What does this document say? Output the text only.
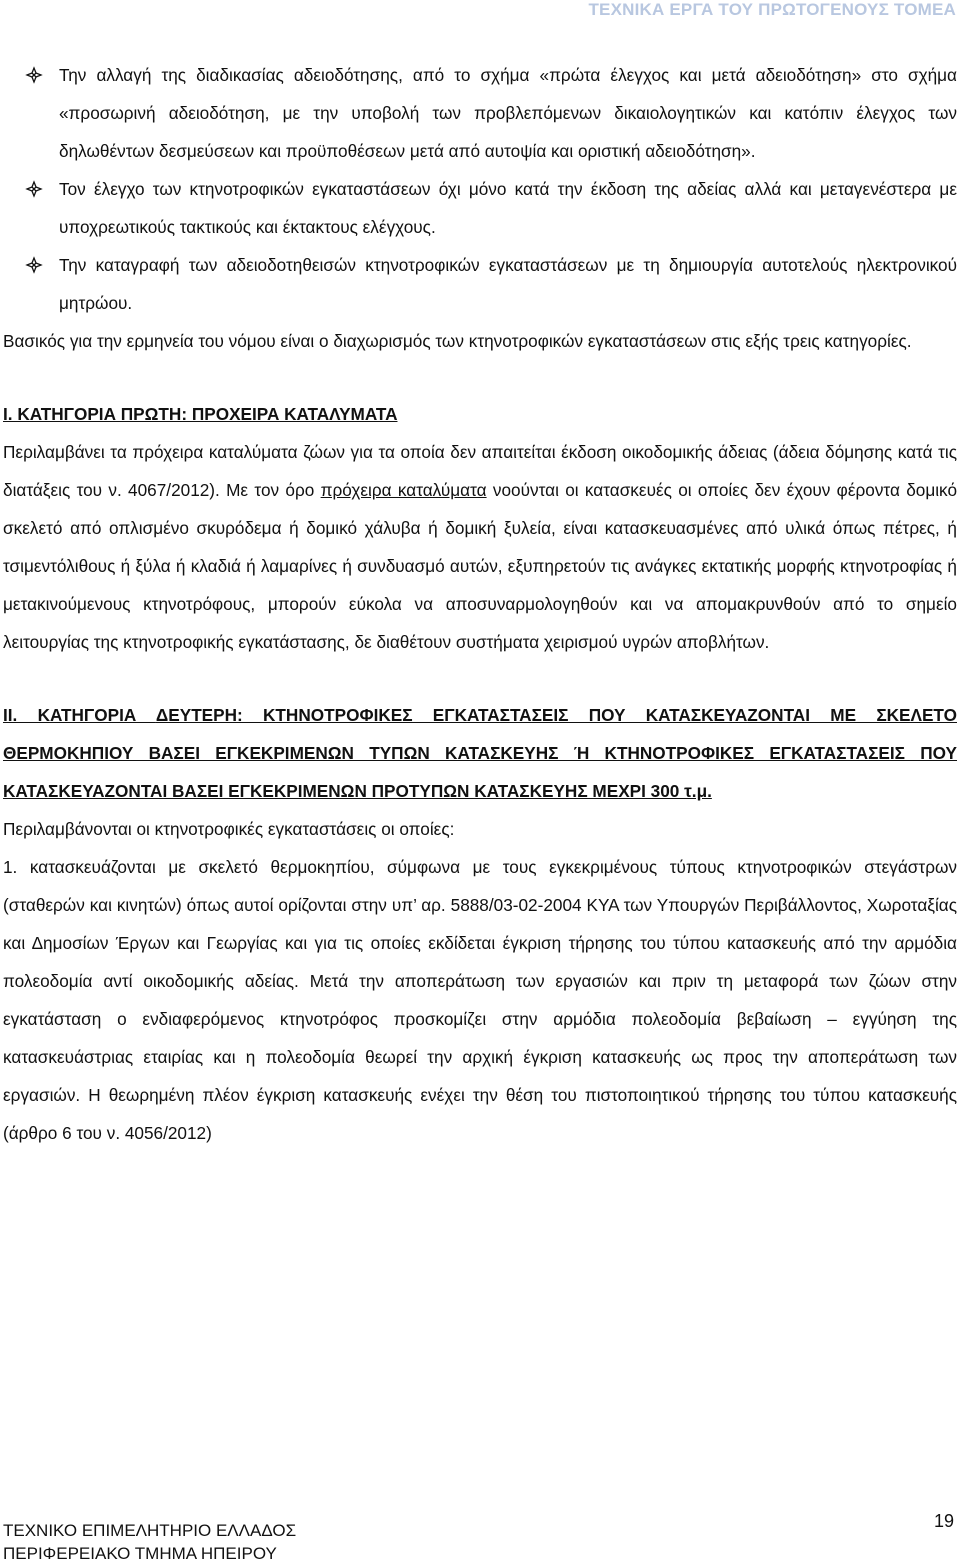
ΤΕΧΝΙΚΑ ΕΡΓΑ ΤΟΥ ΠΡΩΤΟΓΕΝΟΥΣ ΤΟΜΕΑ
Την αλλαγή της διαδικασίας αδειοδότησης, από το σχήμα «πρώτα έλεγχος και μετά αδειοδότηση» στο σχήμα «προσωρινή αδειοδότηση, με την υποβολή των προβλεπόμενων δικαιολογητικών και κατόπιν έλεγχος των δηλωθέντων δεσμεύσεων και προϋποθέσεων μετά από αυτοψία και οριστική αδειοδότηση».
Τον έλεγχο των κτηνοτροφικών εγκαταστάσεων όχι μόνο κατά την έκδοση της αδείας αλλά και μεταγενέστερα με υποχρεωτικούς τακτικούς και έκτακτους ελέγχους.
Την καταγραφή των αδειοδοτηθεισών κτηνοτροφικών εγκαταστάσεων με τη δημιουργία αυτοτελούς ηλεκτρονικού μητρώου.
Βασικός για την ερμηνεία του νόμου είναι ο διαχωρισμός των κτηνοτροφικών εγκαταστάσεων στις εξής τρεις κατηγορίες.
Ι. ΚΑΤΗΓΟΡΙΑ ΠΡΩΤΗ: ΠΡΟΧΕΙΡΑ ΚΑΤΑΛΥΜΑΤΑ
Περιλαμβάνει τα πρόχειρα καταλύματα ζώων για τα οποία δεν απαιτείται έκδοση οικοδομικής άδειας (άδεια δόμησης κατά τις διατάξεις του ν. 4067/2012). Με τον όρο πρόχειρα καταλύματα νοούνται οι κατασκευές οι οποίες δεν έχουν φέροντα δομικό σκελετό από οπλισμένο σκυρόδεμα ή δομικό χάλυβα ή δομική ξυλεία, είναι κατασκευασμένες από υλικά όπως πέτρες, ή τσιμεντόλιθους ή ξύλα ή κλαδιά ή λαμαρίνες ή συνδυασμό αυτών, εξυπηρετούν τις ανάγκες εκτατικής μορφής κτηνοτροφίας ή μετακινούμενους κτηνοτρόφους, μπορούν εύκολα να αποσυναρμολογηθούν και να απομακρυνθούν από το σημείο λειτουργίας της κτηνοτροφικής εγκατάστασης, δε διαθέτουν συστήματα χειρισμού υγρών αποβλήτων.
ΙΙ. ΚΑΤΗΓΟΡΙΑ ΔΕΥΤΕΡΗ: ΚΤΗΝΟΤΡΟΦΙΚΕΣ ΕΓΚΑΤΑΣΤΑΣΕΙΣ ΠΟΥ ΚΑΤΑΣΚΕΥΑΖΟΝΤΑΙ ΜΕ ΣΚΕΛΕΤΟ ΘΕΡΜΟΚΗΠΙΟΥ ΒΑΣΕΙ ΕΓΚΕΚΡΙΜΕΝΩΝ ΤΥΠΩΝ ΚΑΤΑΣΚΕΥΗΣ Ή ΚΤΗΝΟΤΡΟΦΙΚΕΣ ΕΓΚΑΤΑΣΤΑΣΕΙΣ ΠΟΥ ΚΑΤΑΣΚΕΥΑΖΟΝΤΑΙ ΒΑΣΕΙ ΕΓΚΕΚΡΙΜΕΝΩΝ ΠΡΟΤΥΠΩΝ ΚΑΤΑΣΚΕΥΗΣ ΜΕΧΡΙ 300 τ.μ.
Περιλαμβάνονται οι κτηνοτροφικές εγκαταστάσεις οι οποίες:
1. κατασκευάζονται με σκελετό θερμοκηπίου, σύμφωνα με τους εγκεκριμένους τύπους κτηνοτροφικών στεγάστρων (σταθερών και κινητών) όπως αυτοί ορίζονται στην υπ’ αρ. 5888/03-02-2004 ΚΥΑ των Υπουργών Περιβάλλοντος, Χωροταξίας και Δημοσίων Έργων και Γεωργίας και για τις οποίες εκδίδεται έγκριση τήρησης του τύπου κατασκευής από την αρμόδια πολεοδομία αντί οικοδομικής αδείας. Μετά την αποπεράτωση των εργασιών και πριν τη μεταφορά των ζώων στην εγκατάσταση ο ενδιαφερόμενος κτηνοτρόφος προσκομίζει στην αρμόδια πολεοδομία βεβαίωση – εγγύηση της κατασκευάστριας εταιρίας και η πολεοδομία θεωρεί την αρχική έγκριση κατασκευής ως προς την αποπεράτωση των εργασιών. Η θεωρημένη πλέον έγκριση κατασκευής ενέχει την θέση του πιστοποιητικού τήρησης του τύπου κατασκευής (άρθρο 6 του ν. 4056/2012)
19
ΤΕΧΝΙΚΟ ΕΠΙΜΕΛΗΤΗΡΙΟ ΕΛΛΑΔΟΣ
ΠΕΡΙΦΕΡΕΙΑΚΟ ΤΜΗΜΑ ΗΠΕΙΡΟΥ
